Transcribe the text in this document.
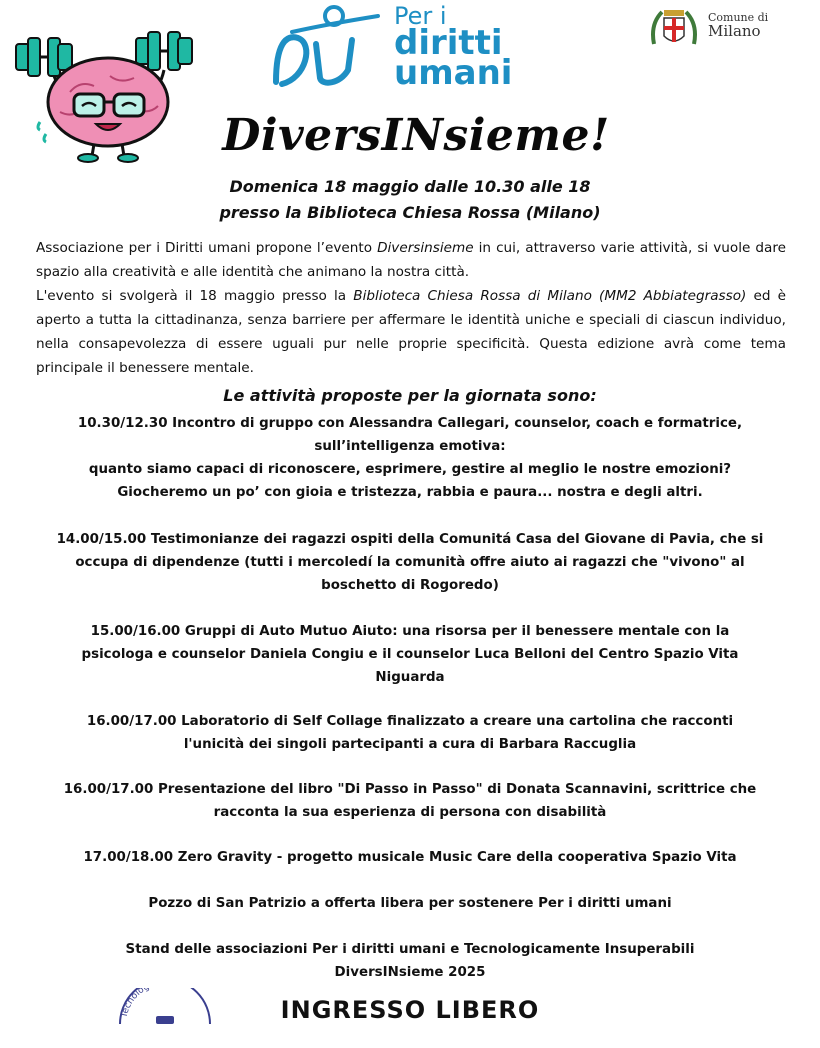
Per i
diritti
umani
Comune di
Milano
DiversINsieme!
Domenica 18 maggio dalle 10.30 alle 18
presso la Biblioteca Chiesa Rossa (Milano)
Associazione per i Diritti umani propone l’evento Diversinsieme in cui, attraverso varie attività, si vuole dare spazio alla creatività e alle identità che animano la nostra città.
L'evento si svolgerà il 18 maggio presso la Biblioteca Chiesa Rossa di Milano (MM2 Abbiategrasso) ed è aperto a tutta la cittadinanza, senza barriere per affermare le identità uniche e speciali di ciascun individuo, nella consapevolezza di essere uguali pur nelle proprie specificità. Questa edizione avrà come tema principale il benessere mentale.
Le attività proposte per la giornata sono:
10.30/12.30 Incontro di gruppo con Alessandra Callegari, counselor, coach e formatrice,
sull’intelligenza emotiva:
quanto siamo capaci di riconoscere, esprimere, gestire al meglio le nostre emozioni?
Giocheremo un po’ con gioia e tristezza, rabbia e paura... nostra e degli altri.
14.00/15.00 Testimonianze dei ragazzi ospiti della Comunitá Casa del Giovane di Pavia, che si
occupa di dipendenze (tutti i mercoledí la comunità offre aiuto ai ragazzi che "vivono" al
boschetto di Rogoredo)
15.00/16.00 Gruppi di Auto Mutuo Aiuto: una risorsa per il benessere mentale con la
psicologa e counselor Daniela Congiu e il counselor Luca Belloni del Centro Spazio Vita
Niguarda
16.00/17.00 Laboratorio di Self Collage finalizzato a creare una cartolina che racconti
l'unicità dei singoli partecipanti a cura di Barbara Raccuglia
16.00/17.00 Presentazione del libro "Di Passo in Passo" di Donata Scannavini, scrittrice che
racconta la sua esperienza di persona con disabilità
17.00/18.00 Zero Gravity - progetto musicale Music Care della cooperativa Spazio Vita
Pozzo di San Patrizio a offerta libera per sostenere Per i diritti umani
Stand delle associazioni Per i diritti umani e Tecnologicamente Insuperabili
DiversINsieme 2025
Tecnolo
INGRESSO LIBERO
